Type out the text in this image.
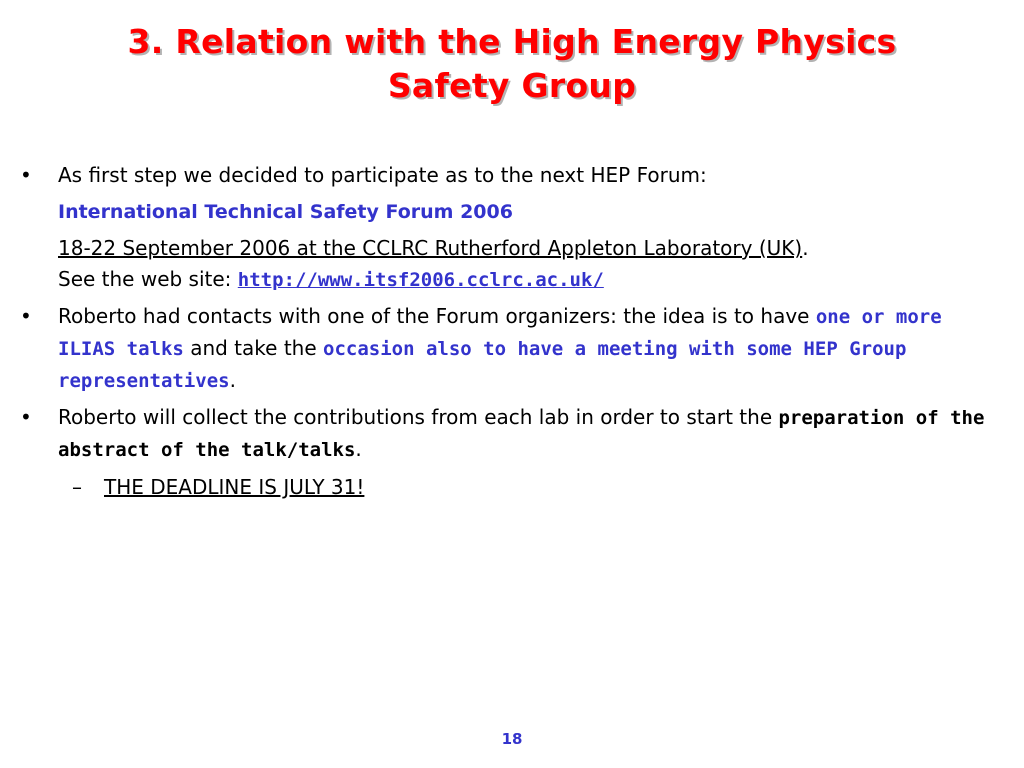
3. Relation with the High Energy Physics
Safety Group
• As first step we decided to participate as to the next HEP Forum:

International Technical Safety Forum 2006

18-22 September 2006 at the CCLRC Rutherford Appleton Laboratory (UK).
See the web site: http://www.itsf2006.cclrc.ac.uk/

• Roberto had contacts with one of the Forum organizers: the idea is to have one or more ILIAS talks and take the occasion also to have a meeting with some HEP Group representatives.

• Roberto will collect the contributions from each lab in order to start the preparation of the abstract of the talk/talks.

– THE DEADLINE IS JULY 31!
18
